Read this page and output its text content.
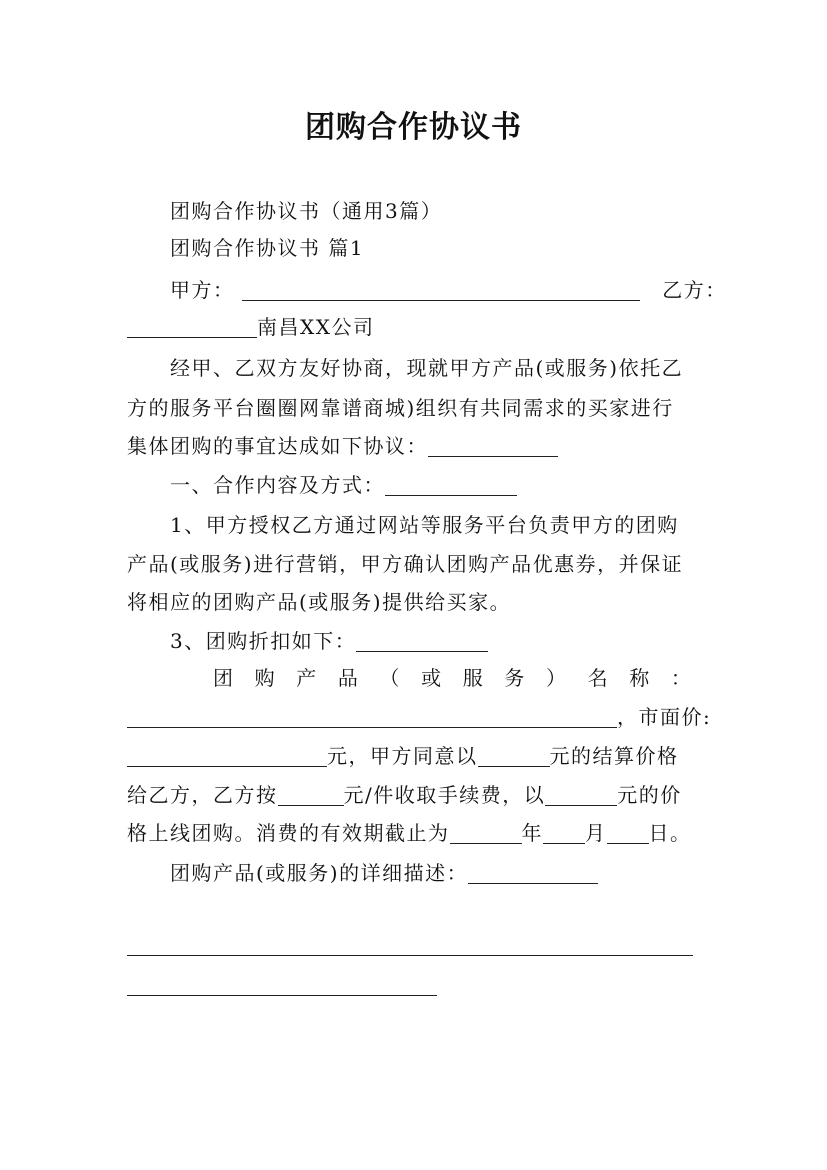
团购合作协议书
团购合作协议书（通用3篇）
团购合作协议书 篇1
甲方：	乙方：
南昌XX公司
经甲、乙双方友好协商，现就甲方产品(或服务)依托乙
方的服务平台圈圈网靠谱商城)组织有共同需求的买家进行
集体团购的事宜达成如下协议：
一、合作内容及方式：
1、甲方授权乙方通过网站等服务平台负责甲方的团购
产品(或服务)进行营销，甲方确认团购产品优惠券，并保证
将相应的团购产品(或服务)提供给买家。
3、团购折扣如下：
团 购 产 品 （ 或 服 务 ） 名 称 ：
，市面价:
元，甲方同意以	元的结算价格
给乙方，乙方按	元/件收取手续费，以	元的价
格上线团购。消费的有效期截止为	年 月 日。
团购产品(或服务)的详细描述：
